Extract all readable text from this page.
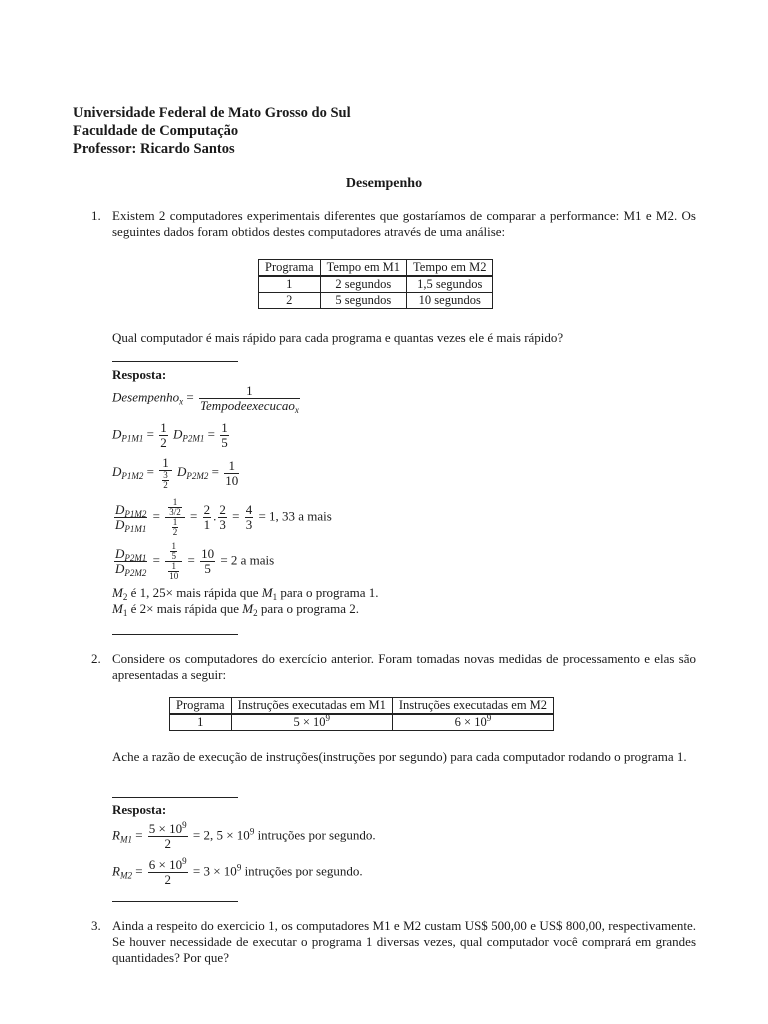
Universidade Federal de Mato Grosso do Sul
Faculdade de Computação
Professor: Ricardo Santos
Desempenho
1. Existem 2 computadores experimentais diferentes que gostaríamos de comparar a performance: M1 e M2. Os seguintes dados foram obtidos destes computadores através de uma análise:
Programa	Tempo em M1	Tempo em M2
1	2 segundos	1,5 segundos
2	5 segundos	10 segundos
Qual computador é mais rápido para cada programa e quantas vezes ele é mais rápido?
Resposta:
Desempenho$_x$ = $\frac{1}{Tempodeexecucao_x}$
$D_{P1M1} = \frac{1}{2} D_{P2M1} = \frac{1}{5}$
$D_{P1M2} = \frac{1}{\frac{3}{2}} D_{P2M2} = \frac{1}{10}$
$\frac{D_{P1M2}}{D_{P1M1}} = \frac{\frac{1}{3/2}}{\frac{1}{2}} = \frac{2}{1}$ . $\frac{2}{3} = \frac{4}{3} = 1$, 33 a mais
$\frac{D_{P2M1}}{D_{P2M2}} = \frac{\frac{1}{5}}{\frac{1}{10}} = \frac{10}{5} = 2$ a mais
$M_2$ é 1, 25× mais rápida que $M_1$ para o programa 1.
$M_1$ é 2× mais rápida que $M_2$ para o programa 2.
2. Considere os computadores do exercício anterior. Foram tomadas novas medidas de processamento e elas são apresentadas a seguir:
Programa	Instruções executadas em M1	Instruções executadas em M2
1	$5 \times 10^9$	$6 \times 10^9$
Ache a razão de execução de instruções(instruções por segundo) para cada computador rodando o programa 1.
Resposta:
$R_{M1} = \frac{5 \times 10^9}{2} = 2$, $5 \times 10^9$ intruções por segundo.
$R_{M2} = \frac{6 \times 10^9}{2} = 3 \times 10^9$ intruções por segundo.
3. Ainda a respeito do exercicio 1, os computadores M1 e M2 custam US$ 500,00 e US$ 800,00, respectivamente. Se houver necessidade de executar o programa 1 diversas vezes, qual computador você comprará em grandes quantidades? Por que?
